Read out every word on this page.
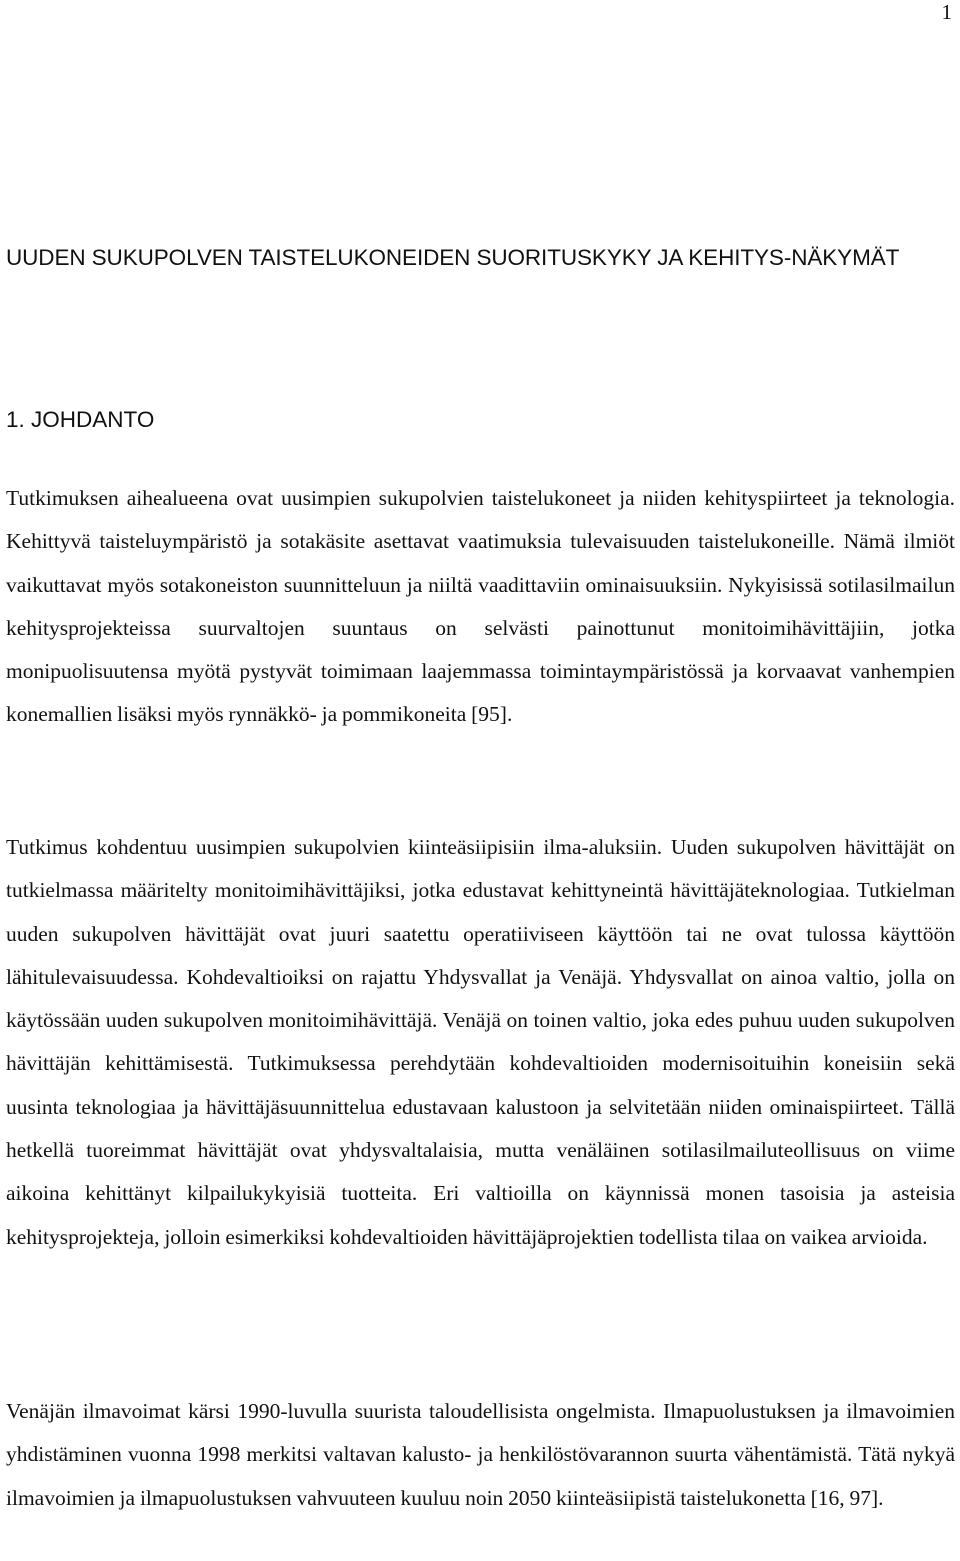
1
UUDEN SUKUPOLVEN TAISTELUKONEIDEN SUORITUSKYKY JA KEHITYS-NÄKYMÄT
1. JOHDANTO

Tutkimuksen aihealueena ovat uusimpien sukupolvien taistelukoneet ja niiden kehityspiirteet ja teknologia. Kehittyvä taisteluympäristö ja sotakäsite asettavat vaatimuksia tulevaisuuden taistelukoneille. Nämä ilmiöt vaikuttavat myös sotakoneiston suunnitteluun ja niiltä vaadittaviin ominaisuuksiin. Nykyisissä sotilasilmailun kehitysprojekteissa suurvaltojen suuntaus on selvästi painottunut monitoimihävittäjiin, jotka monipuolisuutensa myötä pystyvät toimimaan laajemmassa toimintaympäristössä ja korvaavat vanhempien konemallien lisäksi myös rynnäkkö- ja pommikoneita [95].

Tutkimus kohdentuu uusimpien sukupolvien kiinteäsiipisiin ilma-aluksiin. Uuden sukupolven hävittäjät on tutkielmassa määritelty monitoimihävittäjiksi, jotka edustavat kehittyneintä hävittäjäteknologiaa. Tutkielman uuden sukupolven hävittäjät ovat juuri saatettu operatiiviseen käyttöön tai ne ovat tulossa käyttöön lähitulevaisuudessa. Kohdevaltioiksi on rajattu Yhdysvallat ja Venäjä. Yhdysvallat on ainoa valtio, jolla on käytössään uuden sukupolven monitoimihävittäjä. Venäjä on toinen valtio, joka edes puhuu uuden sukupolven hävittäjän kehittämisestä. Tutkimuksessa perehdytään kohdevaltioiden modernisoituihin koneisiin sekä uusinta teknologiaa ja hävittäjäsuunnittelua edustavaan kalustoon ja selvitetään niiden ominaispiirteet. Tällä hetkellä tuoreimmat hävittäjät ovat yhdysvaltalaisia, mutta venäläinen sotilasilmailuteollisuus on viime aikoina kehittänyt kilpailukykyisiä tuotteita. Eri valtioilla on käynnissä monen tasoisia ja asteisia kehitysprojekteja, jolloin esimerkiksi kohdevaltioiden hävittäjäprojektien todellista tilaa on vaikea arvioida.

Venäjän ilmavoimat kärsi 1990-luvulla suurista taloudellisista ongelmista. Ilmapuolustuksen ja ilmavoimien yhdistäminen vuonna 1998 merkitsi valtavan kalusto- ja henkilöstövarannon suurta vähentämistä. Tätä nykyä ilmavoimien ja ilmapuolustuksen vahvuuteen kuuluu noin 2050 kiinteäsiipistä taistelukonetta [16, 97].
